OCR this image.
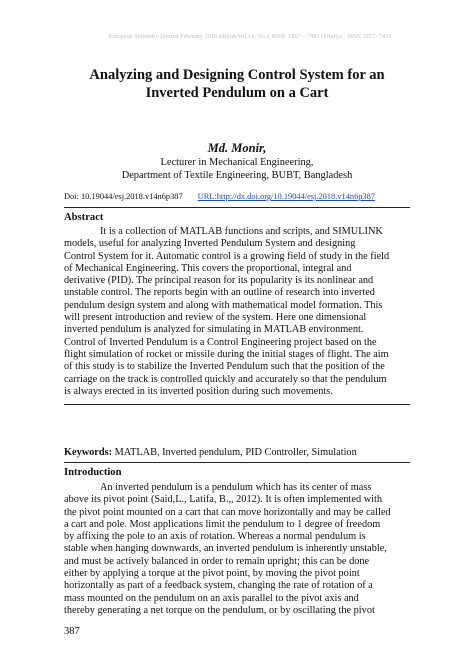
European Scientific Journal February 2018 edition Vol.14, No.6 ISSN: 1857 – 7881 (Print) e - ISSN 1857- 7431
Analyzing and Designing Control System for an
Inverted Pendulum on a Cart
Md. Monir,
Lecturer in Mechanical Engineering,
Department of Textile Engineering, BUBT, Bangladesh
Doi: 10.19044/esj.2018.v14n6p387 URL:http://dx.doi.org/10.19044/esj.2018.v14n6p387
Abstract
It is a collection of MATLAB functions and scripts, and SIMULINK
models, useful for analyzing Inverted Pendulum System and designing
Control System for it. Automatic control is a growing field of study in the field
of Mechanical Engineering. This covers the proportional, integral and
derivative (PID). The principal reason for its popularity is its nonlinear and
unstable control. The reports begin with an outline of research into inverted
pendulum design system and along with mathematical model formation. This
will present introduction and review of the system. Here one dimensional
inverted pendulum is analyzed for simulating in MATLAB environment.
Control of Inverted Pendulum is a Control Engineering project based on the
flight simulation of rocket or missile during the initial stages of flight. The aim
of this study is to stabilize the Inverted Pendulum such that the position of the
carriage on the track is controlled quickly and accurately so that the pendulum
is always erected in its inverted position during such movements.
Keywords: MATLAB, Inverted pendulum, PID Controller, Simulation
Introduction
An inverted pendulum is a pendulum which has its center of mass
above its pivot point (Said,L., Latifa, B.,, 2012). It is often implemented with
the pivot point mounted on a cart that can move horizontally and may be called
a cart and pole. Most applications limit the pendulum to 1 degree of freedom
by affixing the pole to an axis of rotation. Whereas a normal pendulum is
stable when hanging downwards, an inverted pendulum is inherently unstable,
and must be actively balanced in order to remain upright; this can be done
either by applying a torque at the pivot point, by moving the pivot point
horizontally as part of a feedback system, changing the rate of rotation of a
mass mounted on the pendulum on an axis parallel to the pivot axis and
thereby generating a net torque on the pendulum, or by oscillating the pivot
387
